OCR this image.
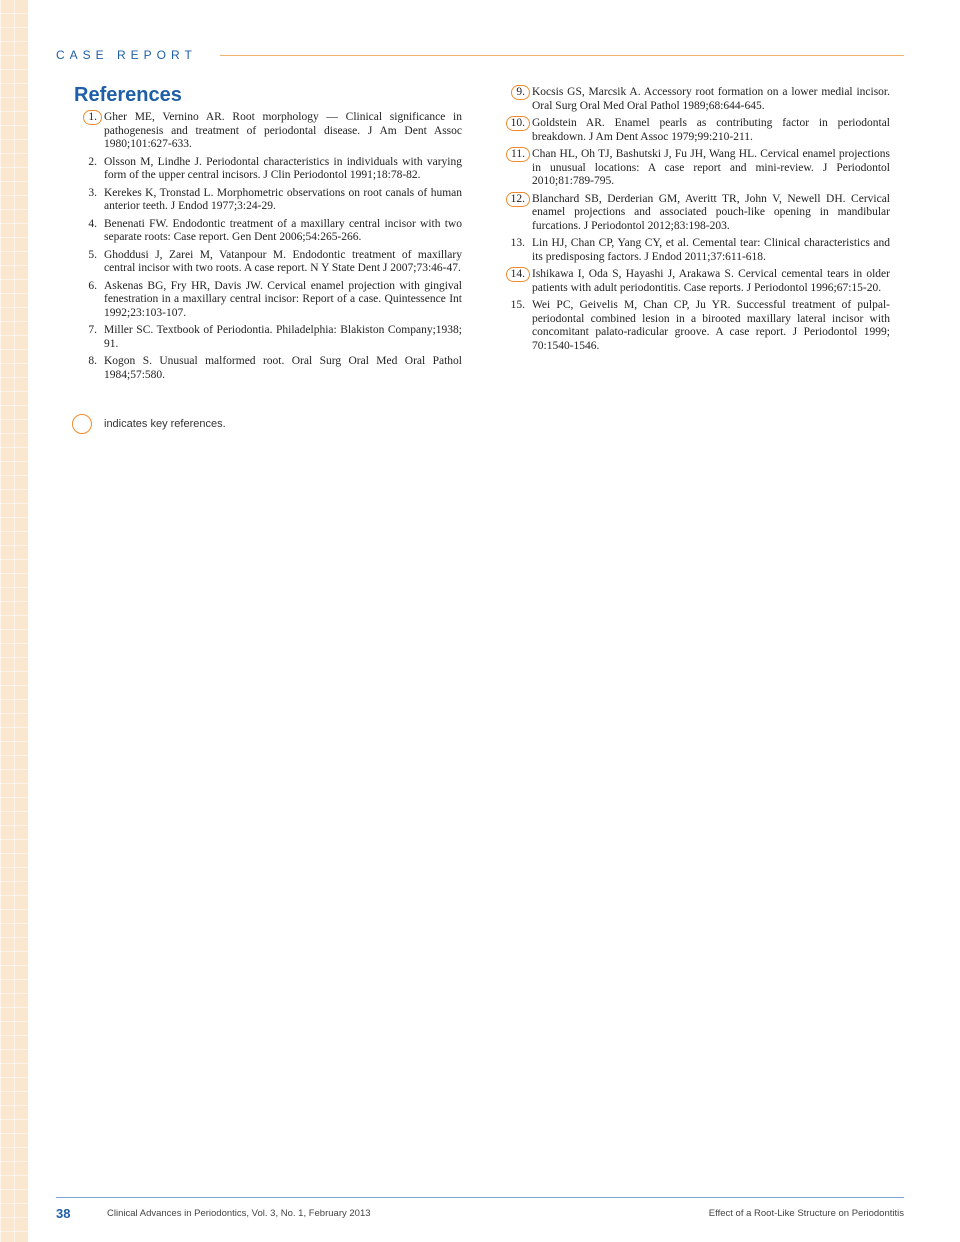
CASE REPORT
References
1. Gher ME, Vernino AR. Root morphology — Clinical significance in pathogenesis and treatment of periodontal disease. J Am Dent Assoc 1980;101:627-633.
2. Olsson M, Lindhe J. Periodontal characteristics in individuals with varying form of the upper central incisors. J Clin Periodontol 1991;18:78-82.
3. Kerekes K, Tronstad L. Morphometric observations on root canals of human anterior teeth. J Endod 1977;3:24-29.
4. Benenati FW. Endodontic treatment of a maxillary central incisor with two separate roots: Case report. Gen Dent 2006;54:265-266.
5. Ghoddusi J, Zarei M, Vatanpour M. Endodontic treatment of maxillary central incisor with two roots. A case report. N Y State Dent J 2007;73:46-47.
6. Askenas BG, Fry HR, Davis JW. Cervical enamel projection with gingival fenestration in a maxillary central incisor: Report of a case. Quintessence Int 1992;23:103-107.
7. Miller SC. Textbook of Periodontia. Philadelphia: Blakiston Company;1938; 91.
8. Kogon S. Unusual malformed root. Oral Surg Oral Med Oral Pathol 1984;57:580.
9. Kocsis GS, Marcsik A. Accessory root formation on a lower medial incisor. Oral Surg Oral Med Oral Pathol 1989;68:644-645.
10. Goldstein AR. Enamel pearls as contributing factor in periodontal breakdown. J Am Dent Assoc 1979;99:210-211.
11. Chan HL, Oh TJ, Bashutski J, Fu JH, Wang HL. Cervical enamel projections in unusual locations: A case report and mini-review. J Periodontol 2010;81:789-795.
12. Blanchard SB, Derderian GM, Averitt TR, John V, Newell DH. Cervical enamel projections and associated pouch-like opening in mandibular furcations. J Periodontol 2012;83:198-203.
13. Lin HJ, Chan CP, Yang CY, et al. Cemental tear: Clinical characteristics and its predisposing factors. J Endod 2011;37:611-618.
14. Ishikawa I, Oda S, Hayashi J, Arakawa S. Cervical cemental tears in older patients with adult periodontitis. Case reports. J Periodontol 1996;67:15-20.
15. Wei PC, Geivelis M, Chan CP, Ju YR. Successful treatment of pulpal-periodontal combined lesion in a birooted maxillary lateral incisor with concomitant palato-radicular groove. A case report. J Periodontol 1999; 70:1540-1546.
indicates key references.
38	Clinical Advances in Periodontics, Vol. 3, No. 1, February 2013	Effect of a Root-Like Structure on Periodontitis
